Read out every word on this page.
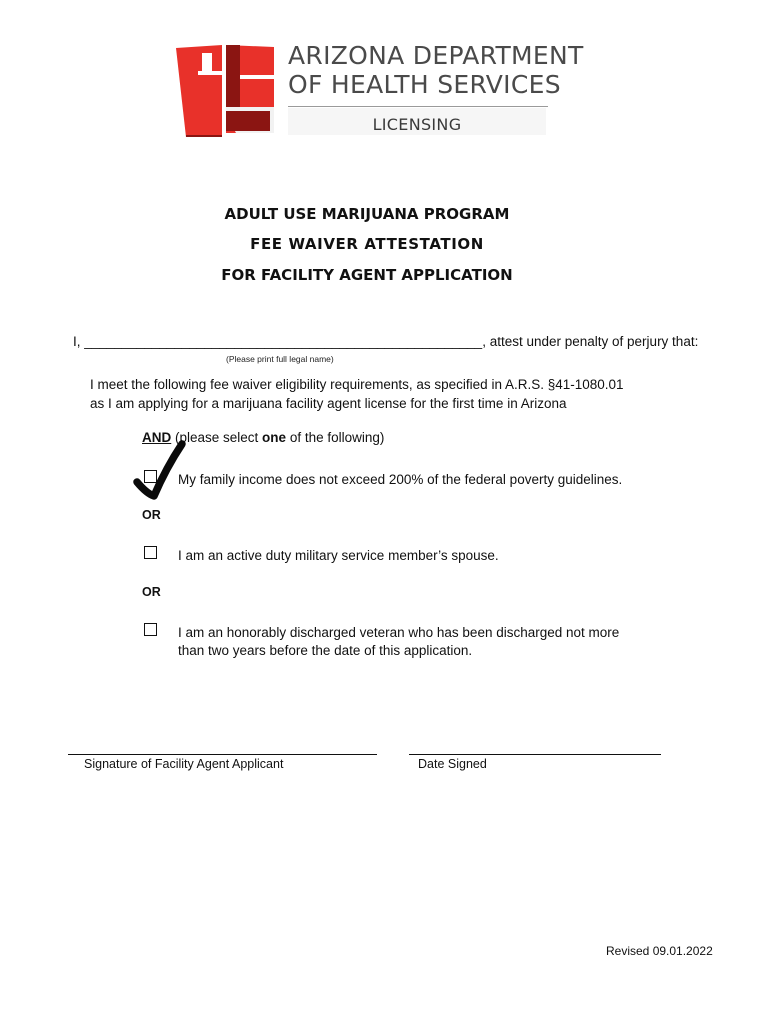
ARIZONA DEPARTMENT
OF HEALTH SERVICES
LICENSING
ADULT USE MARIJUANA PROGRAM
FEE WAIVER ATTESTATION
FOR FACILITY AGENT APPLICATION
I, _____________________________________________________, attest under penalty of perjury that:
(Please print full legal name)
I meet the following fee waiver eligibility requirements, as specified in A.R.S. §41-1080.01
as I am applying for a marijuana facility agent license for the first time in Arizona
AND (please select one of the following)
My family income does not exceed 200% of the federal poverty guidelines.
OR
I am an active duty military service member’s spouse.
OR
I am an honorably discharged veteran who has been discharged not more
than two years before the date of this application.
Signature of Facility Agent Applicant	Date Signed
Revised 09.01.2022
